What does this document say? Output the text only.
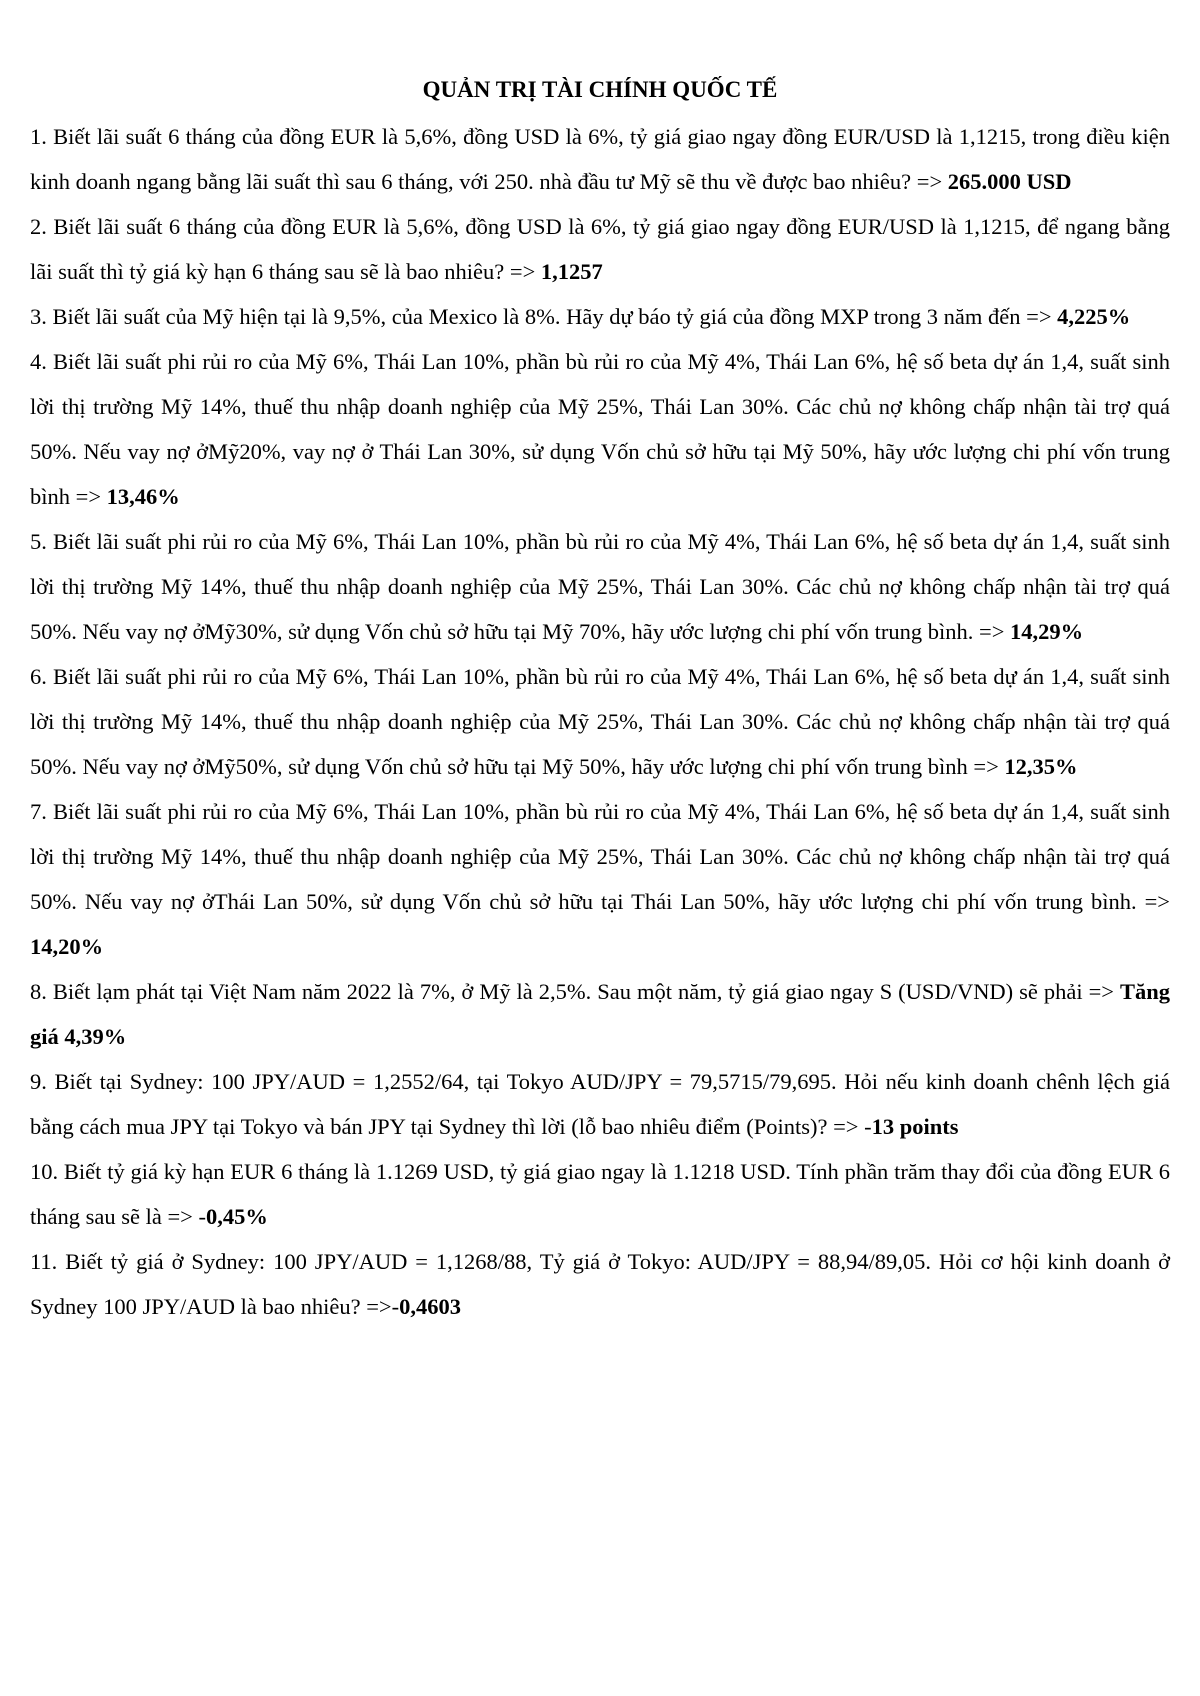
QUẢN TRỊ TÀI CHÍNH QUỐC TẾ

1. Biết lãi suất 6 tháng của đồng EUR là 5,6%, đồng USD là 6%, tỷ giá giao ngay đồng EUR/USD là 1,1215, trong điều kiện kinh doanh ngang bằng lãi suất thì sau 6 tháng, với 250. nhà đầu tư Mỹ sẽ thu về được bao nhiêu? => 265.000 USD

2. Biết lãi suất 6 tháng của đồng EUR là 5,6%, đồng USD là 6%, tỷ giá giao ngay đồng EUR/USD là 1,1215, để ngang bằng lãi suất thì tỷ giá kỳ hạn 6 tháng sau sẽ là bao nhiêu? => 1,1257

3. Biết lãi suất của Mỹ hiện tại là 9,5%, của Mexico là 8%. Hãy dự báo tỷ giá của đồng MXP trong 3 năm đến => 4,225%

4. Biết lãi suất phi rủi ro của Mỹ 6%, Thái Lan 10%, phần bù rủi ro của Mỹ 4%, Thái Lan 6%, hệ số beta dự án 1,4, suất sinh lời thị trường Mỹ 14%, thuế thu nhập doanh nghiệp của Mỹ 25%, Thái Lan 30%. Các chủ nợ không chấp nhận tài trợ quá 50%. Nếu vay nợ ởMỹ20%, vay nợ ở Thái Lan 30%, sử dụng Vốn chủ sở hữu tại Mỹ 50%, hãy ước lượng chi phí vốn trung bình => 13,46%

5. Biết lãi suất phi rủi ro của Mỹ 6%, Thái Lan 10%, phần bù rủi ro của Mỹ 4%, Thái Lan 6%, hệ số beta dự án 1,4, suất sinh lời thị trường Mỹ 14%, thuế thu nhập doanh nghiệp của Mỹ 25%, Thái Lan 30%. Các chủ nợ không chấp nhận tài trợ quá 50%. Nếu vay nợ ởMỹ30%, sử dụng Vốn chủ sở hữu tại Mỹ 70%, hãy ước lượng chi phí vốn trung bình. => 14,29%

6. Biết lãi suất phi rủi ro của Mỹ 6%, Thái Lan 10%, phần bù rủi ro của Mỹ 4%, Thái Lan 6%, hệ số beta dự án 1,4, suất sinh lời thị trường Mỹ 14%, thuế thu nhập doanh nghiệp của Mỹ 25%, Thái Lan 30%. Các chủ nợ không chấp nhận tài trợ quá 50%. Nếu vay nợ ởMỹ50%, sử dụng Vốn chủ sở hữu tại Mỹ 50%, hãy ước lượng chi phí vốn trung bình => 12,35%

7. Biết lãi suất phi rủi ro của Mỹ 6%, Thái Lan 10%, phần bù rủi ro của Mỹ 4%, Thái Lan 6%, hệ số beta dự án 1,4, suất sinh lời thị trường Mỹ 14%, thuế thu nhập doanh nghiệp của Mỹ 25%, Thái Lan 30%. Các chủ nợ không chấp nhận tài trợ quá 50%. Nếu vay nợ ởThái Lan 50%, sử dụng Vốn chủ sở hữu tại Thái Lan 50%, hãy ước lượng chi phí vốn trung bình. => 14,20%

8. Biết lạm phát tại Việt Nam năm 2022 là 7%, ở Mỹ là 2,5%. Sau một năm, tỷ giá giao ngay S (USD/VND) sẽ phải => Tăng giá 4,39%

9. Biết tại Sydney: 100 JPY/AUD = 1,2552/64, tại Tokyo AUD/JPY = 79,5715/79,695. Hỏi nếu kinh doanh chênh lệch giá bằng cách mua JPY tại Tokyo và bán JPY tại Sydney thì lời (lỗ bao nhiêu điểm (Points)? => -13 points

10. Biết tỷ giá kỳ hạn EUR 6 tháng là 1.1269 USD, tỷ giá giao ngay là 1.1218 USD. Tính phần trăm thay đổi của đồng EUR 6 tháng sau sẽ là => -0,45%

11. Biết tỷ giá ở Sydney: 100 JPY/AUD = 1,1268/88, Tỷ giá ở Tokyo: AUD/JPY = 88,94/89,05. Hỏi cơ hội kinh doanh ở Sydney 100 JPY/AUD là bao nhiêu? =>-0,4603
